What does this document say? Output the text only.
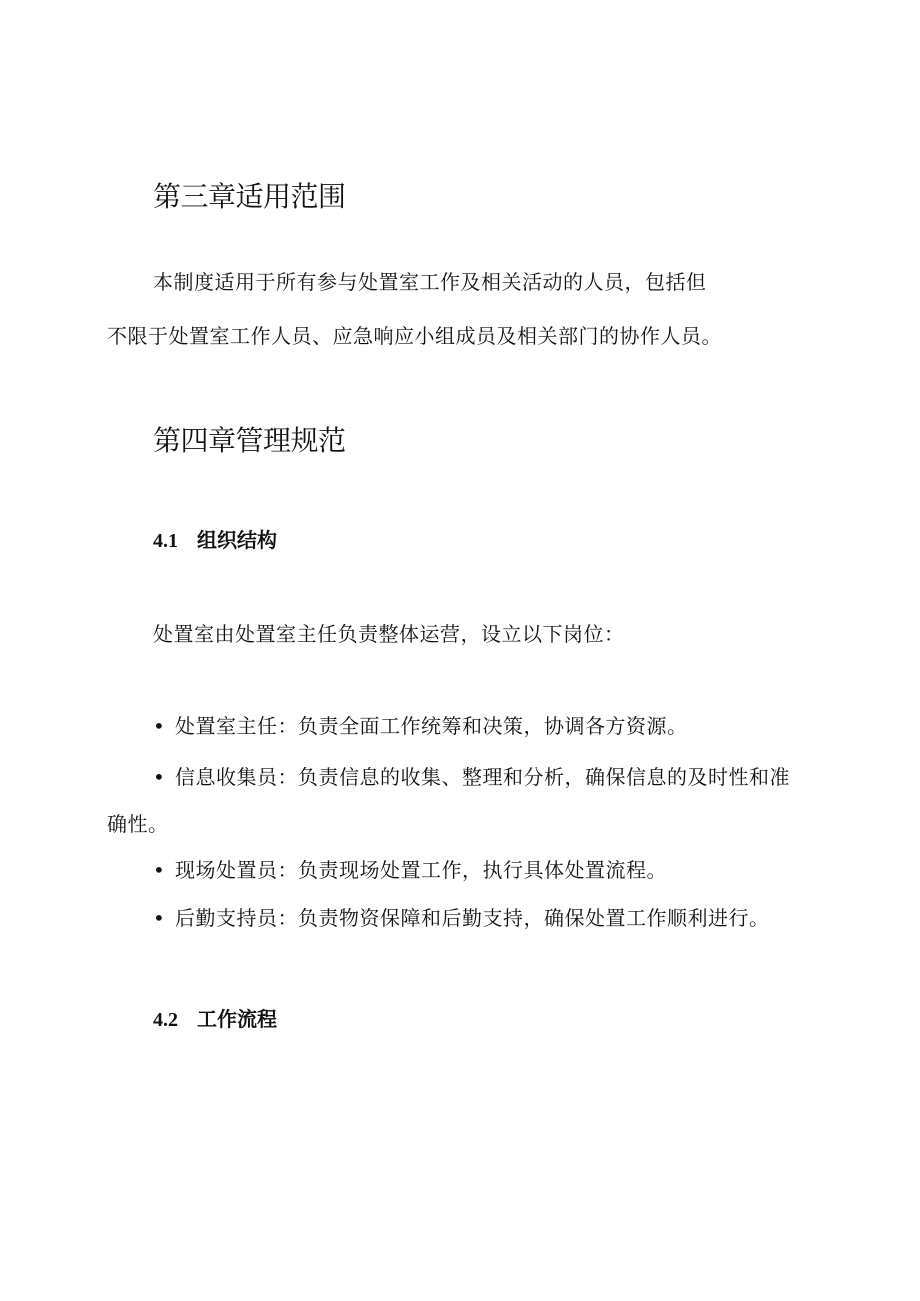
第三章适用范围
本制度适用于所有参与处置室工作及相关活动的人员，包括但
不限于处置室工作人员、应急响应小组成员及相关部门的协作人员。
第四章管理规范
4.1 组织结构
处置室由处置室主任负责整体运营，设立以下岗位：
• 处置室主任：负责全面工作统筹和决策，协调各方资源。
• 信息收集员：负责信息的收集、整理和分析，确保信息的及时性和准
确性。
• 现场处置员：负责现场处置工作，执行具体处置流程。
• 后勤支持员：负责物资保障和后勤支持，确保处置工作顺利进行。
4.2 工作流程
